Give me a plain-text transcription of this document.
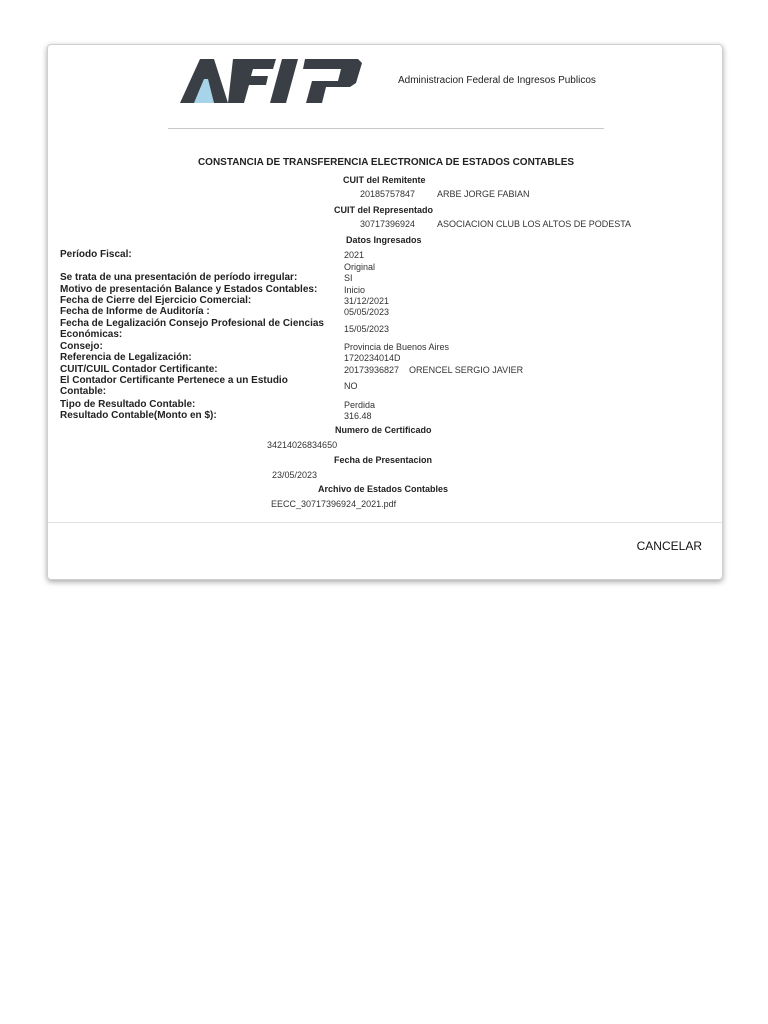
Administracion Federal de Ingresos Publicos
CONSTANCIA DE TRANSFERENCIA ELECTRONICA DE ESTADOS CONTABLES
CUIT del Remitente
20185757847 ARBE JORGE FABIAN
CUIT del Representado
30717396924 ASOCIACION CLUB LOS ALTOS DE PODESTA
Datos Ingresados
Período Fiscal:	2021
Original
Se trata de una presentación de período irregular:	SI
Motivo de presentación Balance y Estados Contables:	Inicio
Fecha de Cierre del Ejercicio Comercial:	31/12/2021
Fecha de Informe de Auditoría :	05/05/2023
Fecha de Legalización Consejo Profesional de Ciencias Económicas:	15/05/2023
Consejo:	Provincia de Buenos Aires
Referencia de Legalización:	1720234014D
CUIT/CUIL Contador Certificante:	20173936827    ORENCEL SERGIO JAVIER
El Contador Certificante Pertenece a un Estudio Contable:	NO
Tipo de Resultado Contable:	Perdida
Resultado Contable(Monto en $):	316.48
Numero de Certificado
34214026834650
Fecha de Presentacion
23/05/2023
Archivo de Estados Contables
EECC_30717396924_2021.pdf
CANCELAR
